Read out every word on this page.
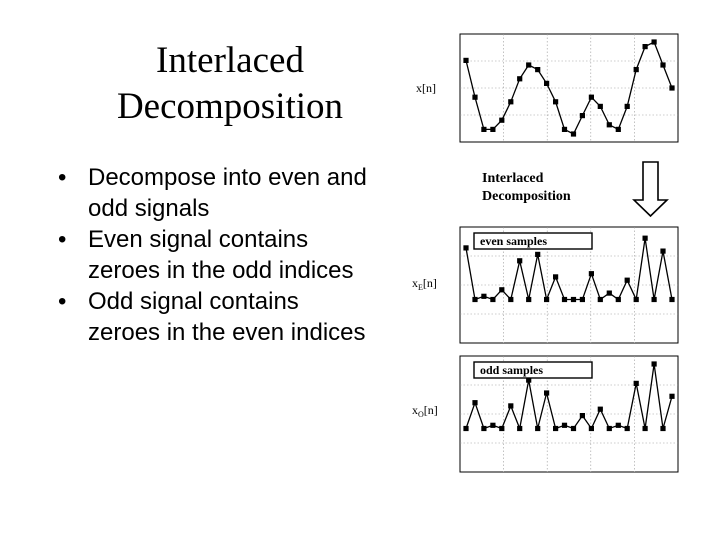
Interlaced
Decomposition
• Decompose into even and odd signals
• Even signal contains zeroes in the odd indices
• Odd signal contains zeroes in the even indices
x[n]
Interlaced
Decomposition
$x_E[n]$
even samples
$x_O[n]$
odd samples
